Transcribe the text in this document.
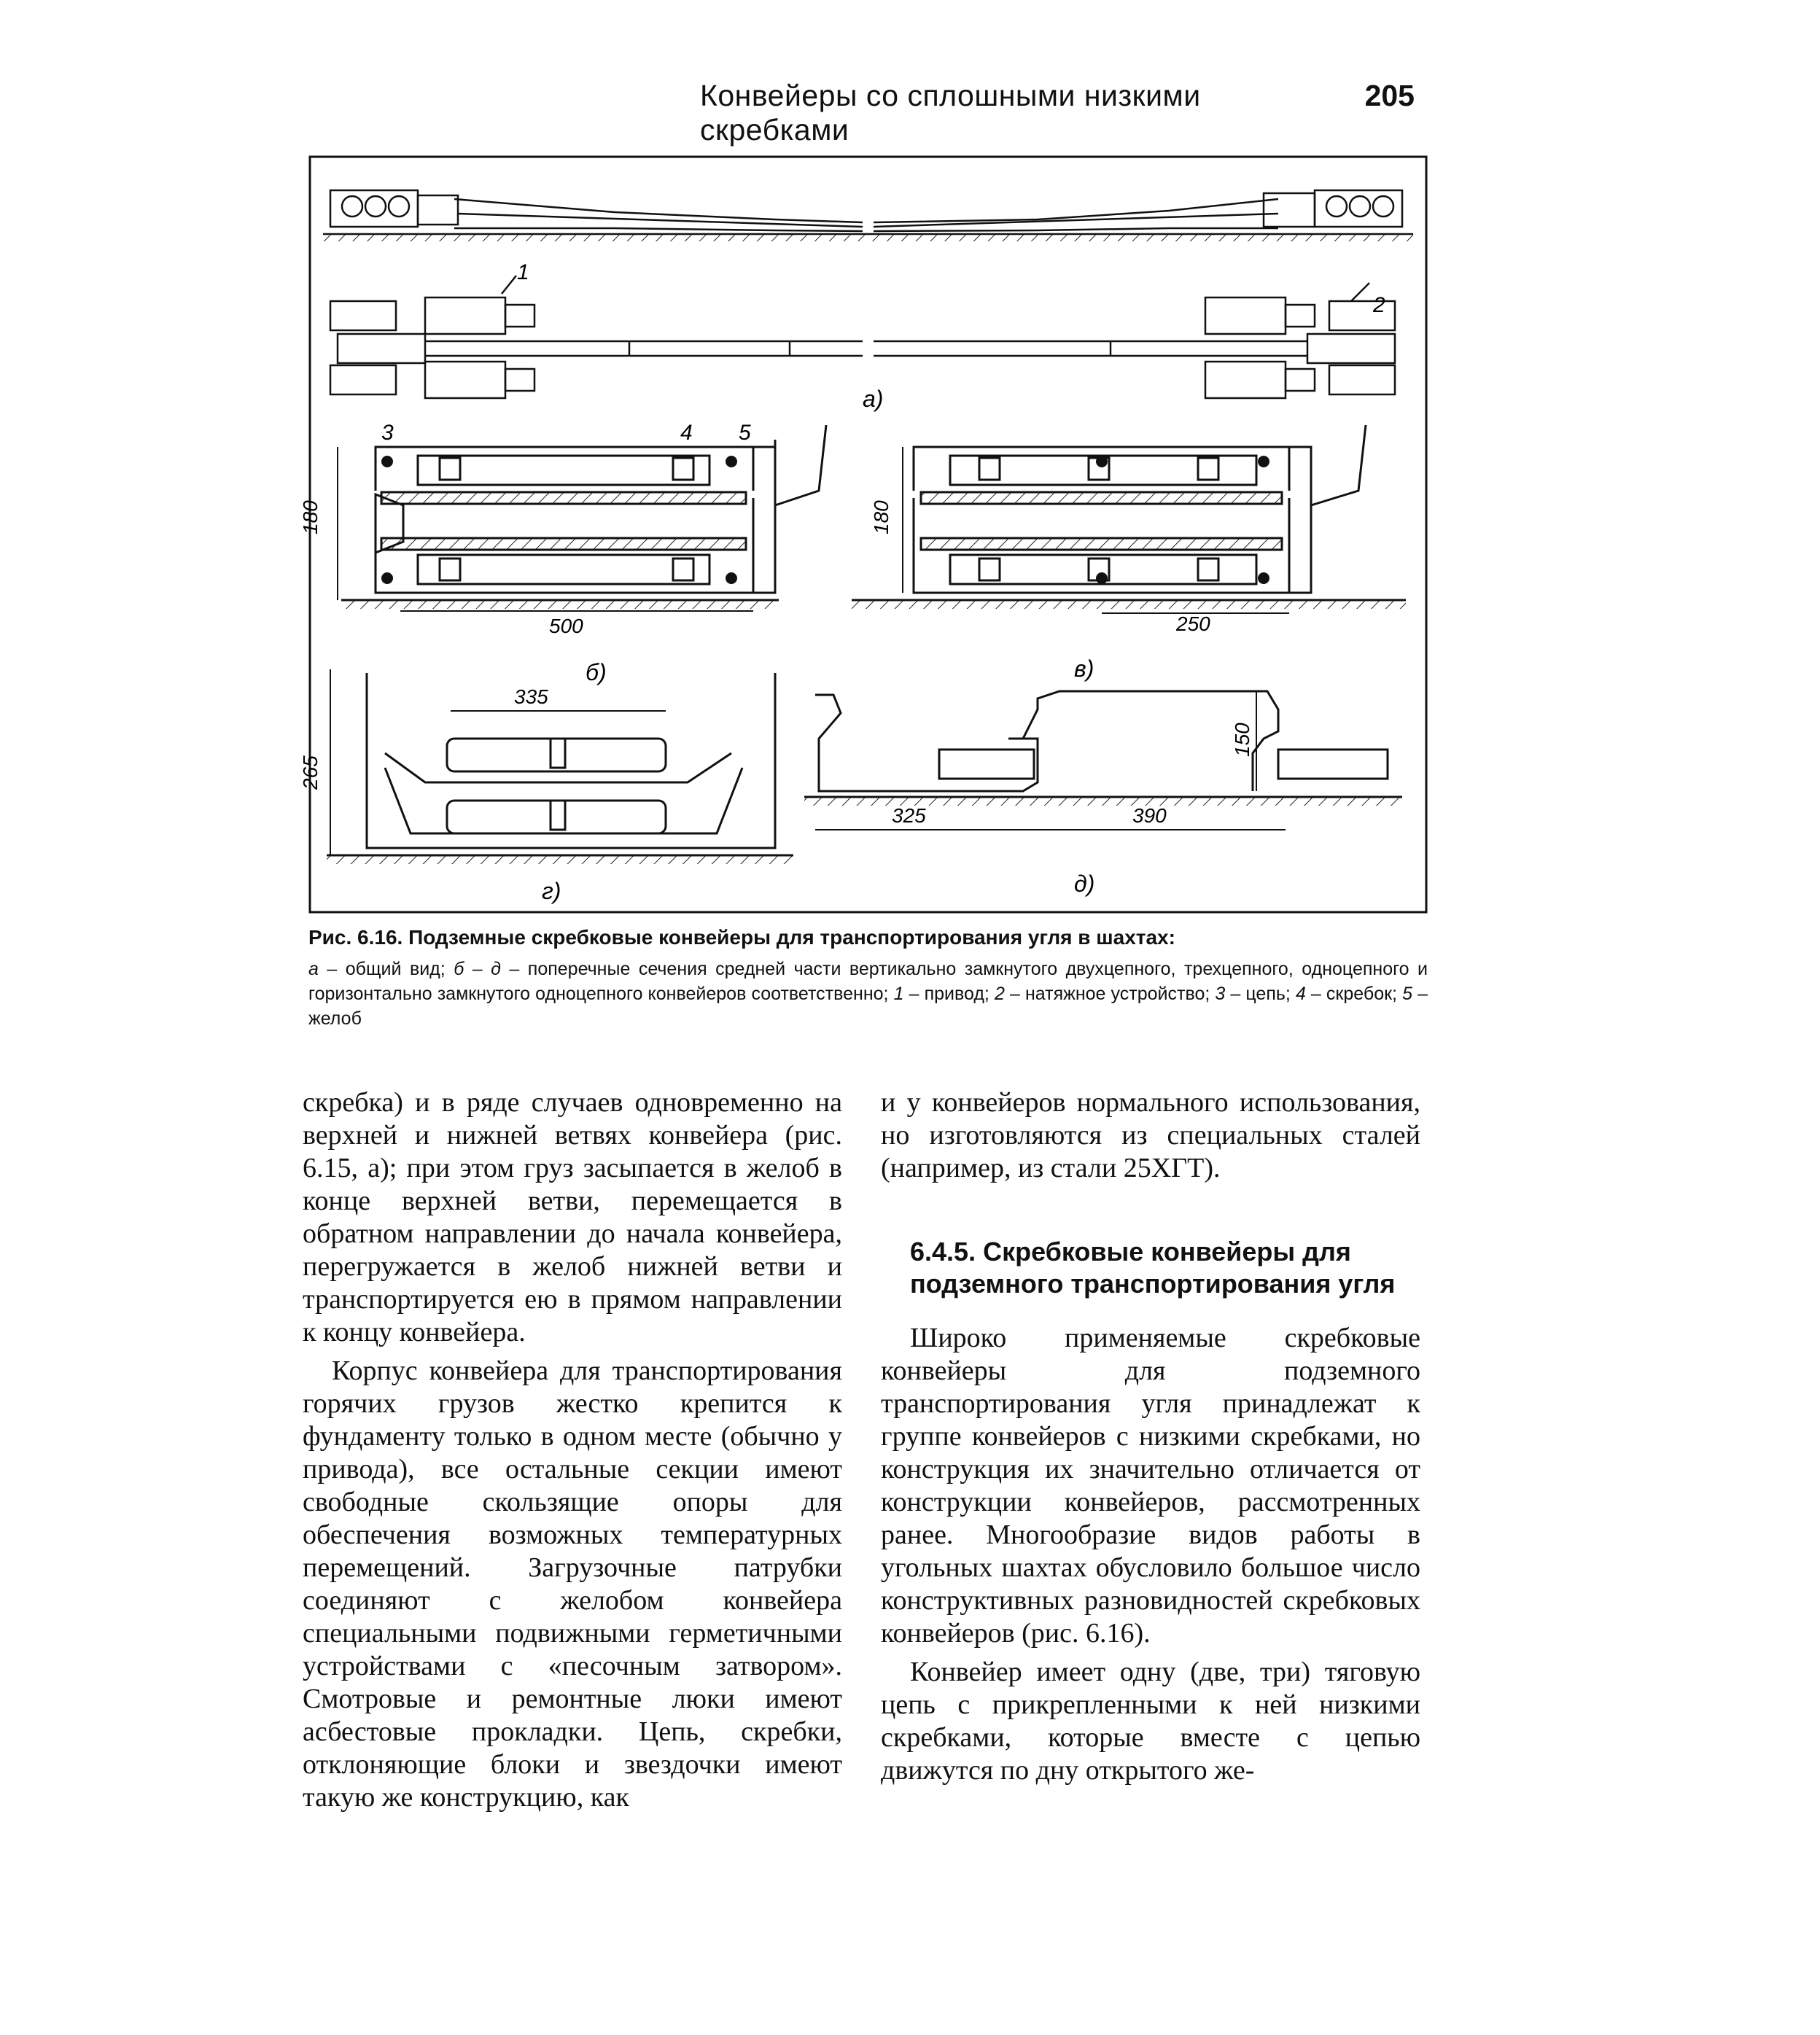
Конвейеры со сплошными низкими скребками
205
1
2
а)
180
500
б)
3	4 5
180
250
в)
335
265
г)
325	390
150
д)
Рис. 6.16. Подземные скребковые конвейеры для транспортирования угля в шахтах:
а – общий вид; б – д – поперечные сечения средней части вертикально замкнутого двухцепного, трехцепного, одноцепного и горизонтально замкнутого одноцепного конвейеров соответственно; 1 – привод; 2 – натяжное устройство; 3 – цепь; 4 – скребок; 5 – желоб

скребка) и в ряде случаев одновременно на верхней и нижней ветвях конвейера (рис. 6.15, а); при этом груз засыпается в желоб в конце верхней ветви, перемещается в обратном направлении до начала конвейера, перегружается в желоб нижней ветви и транспортируется ею в прямом направлении к концу конвейера.

Корпус конвейера для транспортирования горячих грузов жестко крепится к фундаменту только в одном месте (обычно у привода), все остальные секции имеют свободные скользящие опоры для обеспечения возможных температурных перемещений. Загрузочные патрубки соединяют с желобом конвейера специальными подвижными герметичными устройствами с «песочным затвором». Смотровые и ремонтные люки имеют асбестовые прокладки. Цепь, скребки, отклоняющие блоки и звездочки имеют такую же конструкцию, как

и у конвейеров нормального использования, но изготовляются из специальных сталей (например, из стали 25ХГТ).

6.4.5. Скребковые конвейеры для подземного транспортирования угля

Широко применяемые скребковые конвейеры для подземного транспортирования угля принадлежат к группе конвейеров с низкими скребками, но конструкция их значительно отличается от конструкции конвейеров, рассмотренных ранее. Многообразие видов работы в угольных шахтах обусловило большое число конструктивных разновидностей скребковых конвейеров (рис. 6.16).

Конвейер имеет одну (две, три) тяговую цепь с прикрепленными к ней низкими скребками, которые вместе с цепью движутся по дну открытого же-
